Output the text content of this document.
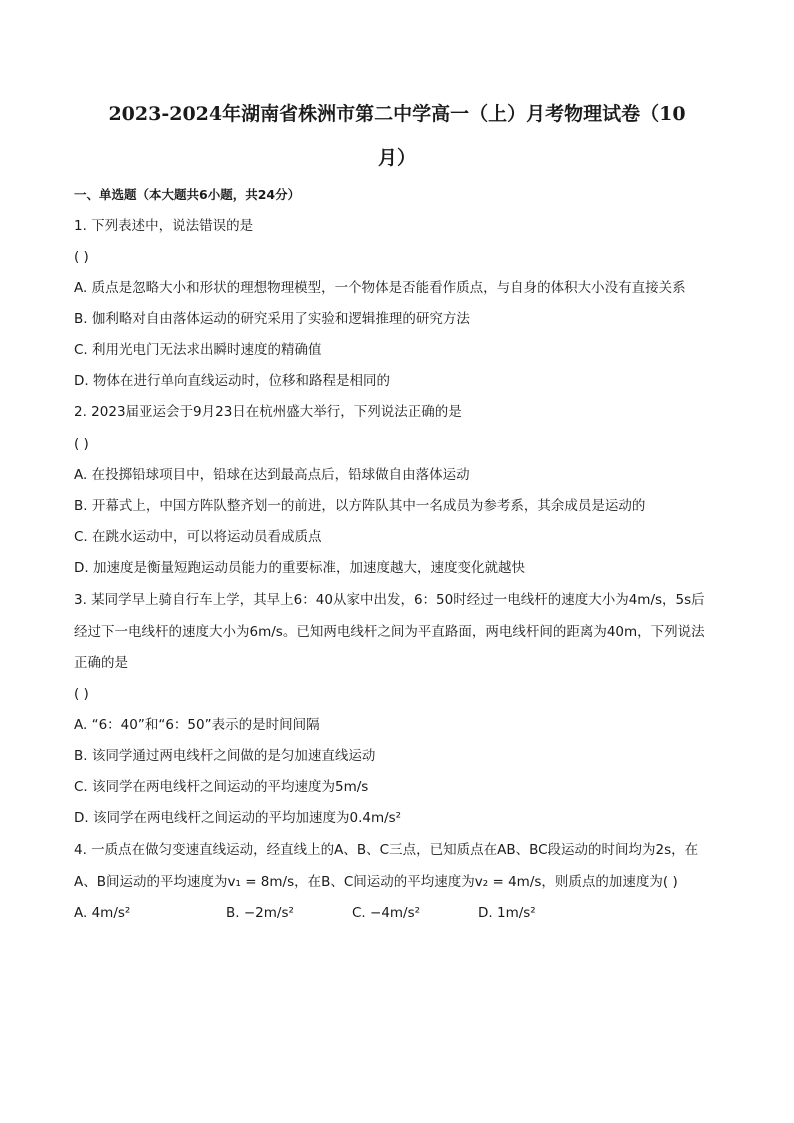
2023-2024年湖南省株洲市第二中学高一（上）月考物理试卷（10
月）
一、单选题（本大题共6小题，共24分）
1. 下列表述中，说法错误的是
( )
A. 质点是忽略大小和形状的理想物理模型，一个物体是否能看作质点，与自身的体积大小没有直接关系
B. 伽利略对自由落体运动的研究采用了实验和逻辑推理的研究方法
C. 利用光电门无法求出瞬时速度的精确值
D. 物体在进行单向直线运动时，位移和路程是相同的
2. 2023届亚运会于9月23日在杭州盛大举行，下列说法正确的是
( )
A. 在投掷铅球项目中，铅球在达到最高点后，铅球做自由落体运动
B. 开幕式上，中国方阵队整齐划一的前进，以方阵队其中一名成员为参考系，其余成员是运动的
C. 在跳水运动中，可以将运动员看成质点
D. 加速度是衡量短跑运动员能力的重要标准，加速度越大，速度变化就越快
3. 某同学早上骑自行车上学，其早上6：40从家中出发，6：50时经过一电线杆的速度大小为4m/s，5s后
经过下一电线杆的速度大小为6m/s。已知两电线杆之间为平直路面，两电线杆间的距离为40m，下列说法
正确的是
( )
A. “6：40”和“6：50”表示的是时间间隔
B. 该同学通过两电线杆之间做的是匀加速直线运动
C. 该同学在两电线杆之间运动的平均速度为5m/s
D. 该同学在两电线杆之间运动的平均加速度为0.4m/s²
4. 一质点在做匀变速直线运动，经直线上的A、B、C三点，已知质点在AB、BC段运动的时间均为2s，在
A、B间运动的平均速度为v₁ = 8m/s，在B、C间运动的平均速度为v₂ = 4m/s，则质点的加速度为( )
A. 4m/s²	B. −2m/s²	C. −4m/s²	D. 1m/s²
